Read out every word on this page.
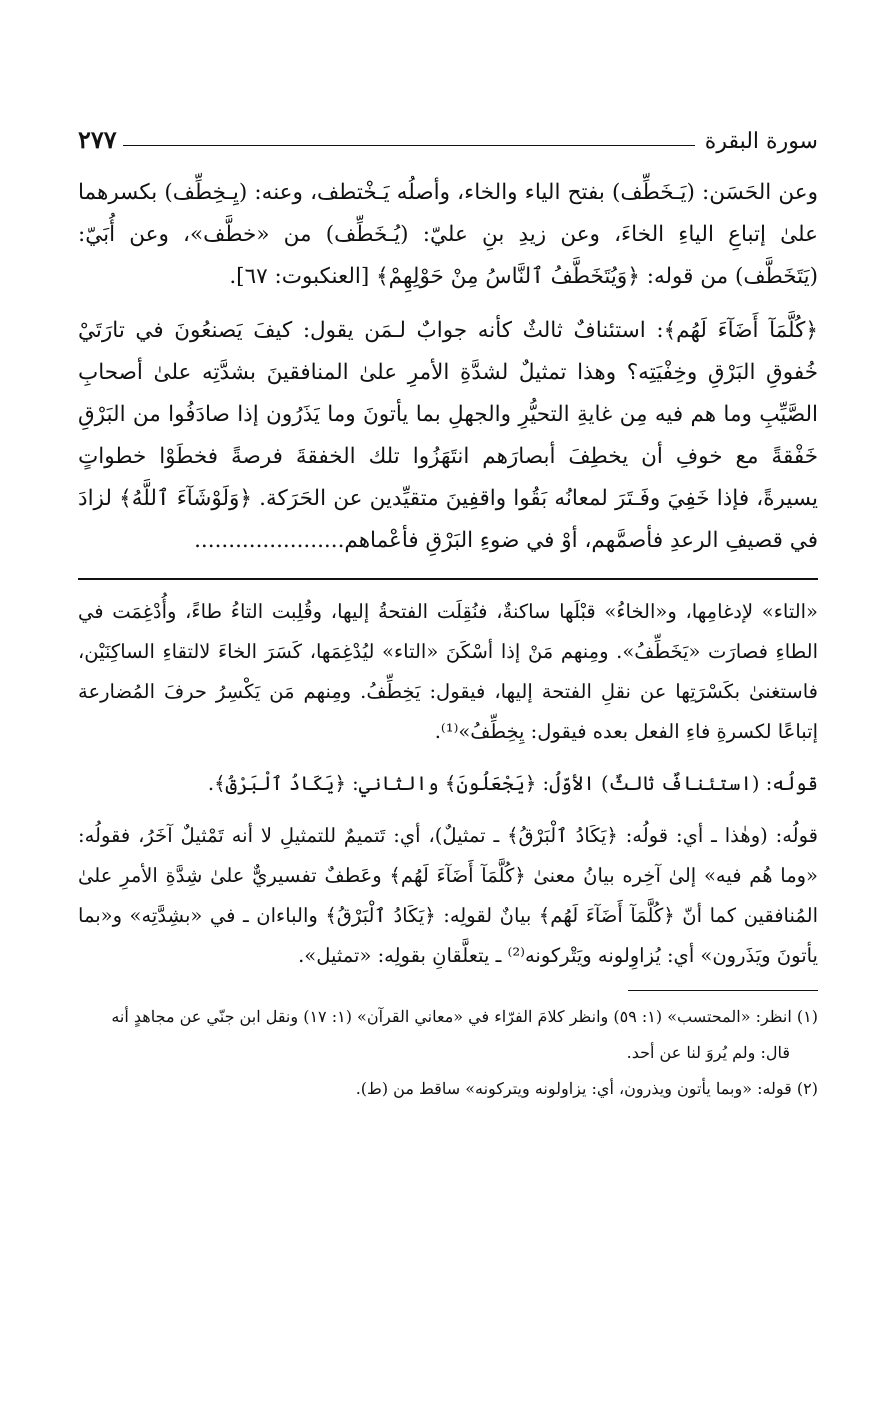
سورة البقرة
٢٧٧

وعن الحَسَن: (يَـخَطِّف) بفتح الياء والخاء، وأصلُه يَـخْتطف، وعنه: (يِـخِطِّف) بكسرهما علىٰ إتباعِ الياءِ الخاءَ، وعن زيدِ بنِ عليّ: (يُـخَطِّف) من «خطَّف»، وعن أُبَيّ: (يَتَخَطَّف) من قوله: ﴿وَيُتَخَطَّفُ ٱلنَّاسُ مِنْ حَوْلِهِمْ﴾ [العنكبوت: ٦٧].

﴿كُلَّمَآ أَضَآءَ لَهُم﴾: استئنافٌ ثالثٌ كأنه جوابٌ لـمَن يقول: كيفَ يَصنعُونَ في تارَتَيْ خُفوقِ البَرْقِ وخِفْيَتِه؟ وهذا تمثيلٌ لشدَّةِ الأمرِ علىٰ المنافقينَ بشدَّتِه علىٰ أصحابِ الصَّيِّبِ وما هم فيه مِن غايةِ التحيُّرِ والجهلِ بما يأتونَ وما يَذَرُون إذا صادَفُوا من البَرْقِ خَفْقةً مع خوفِ أن يخطِفَ أبصارَهم انتَهَزُوا تلك الخفقةَ فرصةً فخطَوْا خطواتٍ يسيرةً، فإذا خَفِيَ وفَـتَرَ لمعانُه بَقُوا واقفِينَ متقيِّدين عن الحَرَكة. ﴿وَلَوْشَآءَ ٱللَّهُ﴾ لزادَ في قصيفِ الرعدِ فأصمَّهم، أوْ في ضوءِ البَرْقِ فأعْماهم......................

«التاء» لإدغامِها، و«الخاءُ» قبْلَها ساكنةٌ، فنُقِلَت الفتحةُ إليها، وقُلِبت التاءُ طاءً، وأُدْغِمَت في الطاءِ فصارَت «يَخَطِّفُ». ومِنهم مَنْ إذا أسْكَنَ «التاء» ليُدْغِمَها، كَسَرَ الخاءَ لالتقاءِ الساكِنَيْن، فاستغنىٰ بكَسْرَتِها عن نقلِ الفتحة إليها، فيقول: يَخِطِّفُ. ومِنهم مَن يَكْسِرُ حرفَ المُضارعة إتباعًا لكسرةِ فاءِ الفعل بعده فيقول: يِخِطِّفُ»⁽¹⁾.

قولُه: (استئنافٌ ثالثٌ) الأوّلُ: ﴿يَجْعَلُونَ﴾ والثاني: ﴿يَكَادُ ٱلْبَرْقُ﴾.

قولُه: (وهٰذا ـ أي: قولُه: ﴿يَكَادُ ٱلْبَرْقُ﴾ ـ تمثيلٌ)، أي: تَتميمٌ للتمثيلِ لا أنه تَمْثيلٌ آخَرُ، فقولُه: «وما هُم فيه» إلىٰ آخِره بيانُ معنىٰ ﴿كُلَّمَآ أَضَآءَ لَهُم﴾ وعَطفٌ تفسيريٌّ علىٰ شِدَّةِ الأمرِ علىٰ المُنافقين كما أنّ ﴿كُلَّمَآ أَضَآءَ لَهُم﴾ بيانٌ لقولِه: ﴿يَكَادُ ٱلْبَرْقُ﴾ والباءان ـ في «بشِدَّتِه» و«بما يأتونَ ويَذَرون» أي: يُزاوِلونه ويَتْركونه⁽²⁾ ـ يتعلَّقانِ بقولِه: «تمثيل».

(١) انظر: «المحتسب» (١: ٥٩) وانظر كلامَ الفرّاء في «معاني القرآن» (١: ١٧) ونقل ابن جنّي عن مجاهدٍ أنه

قال: ولم يُروَ لنا عن أحد.

(٢) قوله: «وبما يأتون ويذرون، أي: يزاولونه ويتركونه» ساقط من (ط).
